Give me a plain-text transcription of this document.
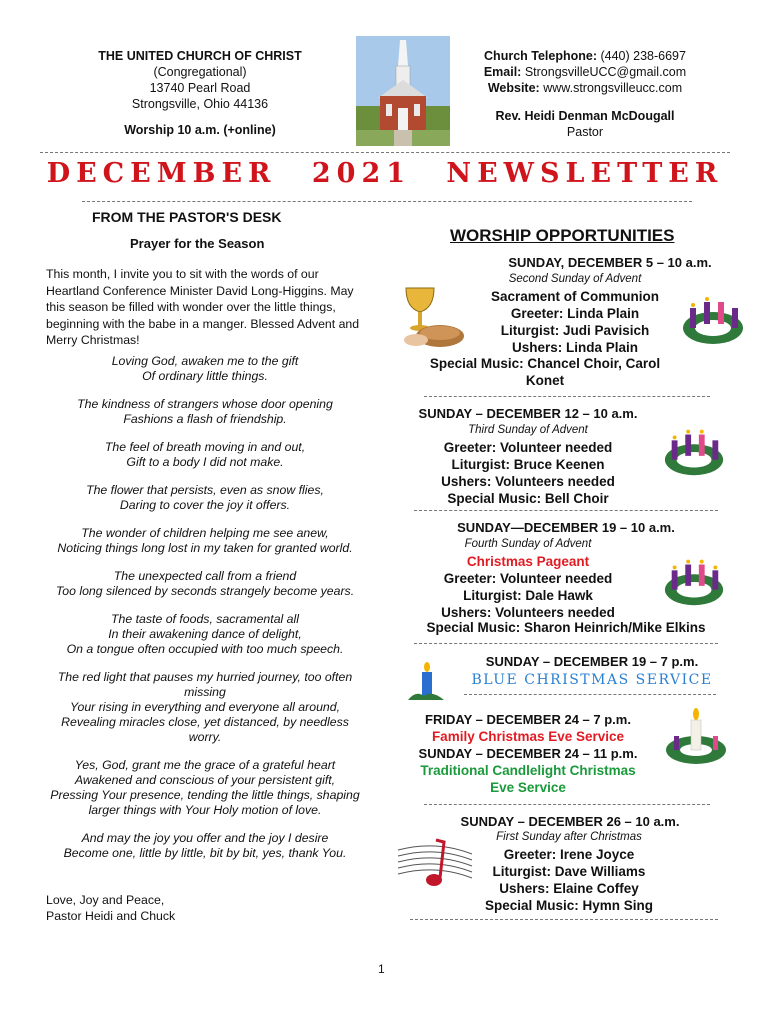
THE UNITED CHURCH OF CHRIST
(Congregational)
13740 Pearl Road
Strongsville, Ohio 44136
Worship 10 a.m. (+online)
Church Telephone: (440) 238-6697
Email: StrongsvilleUCC@gmail.com
Website: www.strongsvilleucc.com
Rev. Heidi Denman McDougall
Pastor
DECEMBER 2021 NEWSLETTER
FROM THE PASTOR'S DESK
Prayer for the Season
This month, I invite you to sit with the words of our Heartland Conference Minister David Long-Higgins. May this season be filled with wonder over the little things, beginning with the babe in a manger. Blessed Advent and Merry Christmas!

Loving God, awaken me to the gift
Of ordinary little things.

The kindness of strangers whose door opening
Fashions a flash of friendship.

The feel of breath moving in and out,
Gift to a body I did not make.

The flower that persists, even as snow flies,
Daring to cover the joy it offers.

The wonder of children helping me see anew,
Noticing things long lost in my taken for granted world.

The unexpected call from a friend
Too long silenced by seconds strangely become years.

The taste of foods, sacramental all
In their awakening dance of delight,
On a tongue often occupied with too much speech.

The red light that pauses my hurried journey, too often
missing
Your rising in everything and everyone all around,
Revealing miracles close, yet distanced, by needless
worry.

Yes, God, grant me the grace of a grateful heart
Awakened and conscious of your persistent gift,
Pressing Your presence, tending the little things, shaping
larger things with Your Holy motion of love.

And may the joy you offer and the joy I desire
Become one, little by little, bit by bit, yes, thank You.

Love, Joy and Peace,
Pastor Heidi and Chuck
WORSHIP OPPORTUNITIES
SUNDAY, DECEMBER 5 – 10 a.m.
Second Sunday of Advent
Sacrament of Communion
Greeter: Linda Plain
Liturgist: Judi Pavisich
Ushers: Linda Plain
Special Music: Chancel Choir, Carol
Konet
SUNDAY – DECEMBER 12 – 10 a.m.
Third Sunday of Advent
Greeter: Volunteer needed
Liturgist: Bruce Keenen
Ushers: Volunteers needed
Special Music: Bell Choir
SUNDAY—DECEMBER 19 – 10 a.m.
Fourth Sunday of Advent
Christmas Pageant
Greeter: Volunteer needed
Liturgist: Dale Hawk
Ushers: Volunteers needed
Special Music: Sharon Heinrich/Mike Elkins
SUNDAY – DECEMBER 19 – 7 p.m.
BLUE CHRISTMAS SERVICE
FRIDAY – DECEMBER 24 – 7 p.m.
Family Christmas Eve Service
SUNDAY – DECEMBER 24 – 11 p.m.
Traditional Candlelight Christmas
Eve Service
SUNDAY – DECEMBER 26 – 10 a.m.
First Sunday after Christmas
Greeter: Irene Joyce
Liturgist: Dave Williams
Ushers: Elaine Coffey
Special Music: Hymn Sing
1
